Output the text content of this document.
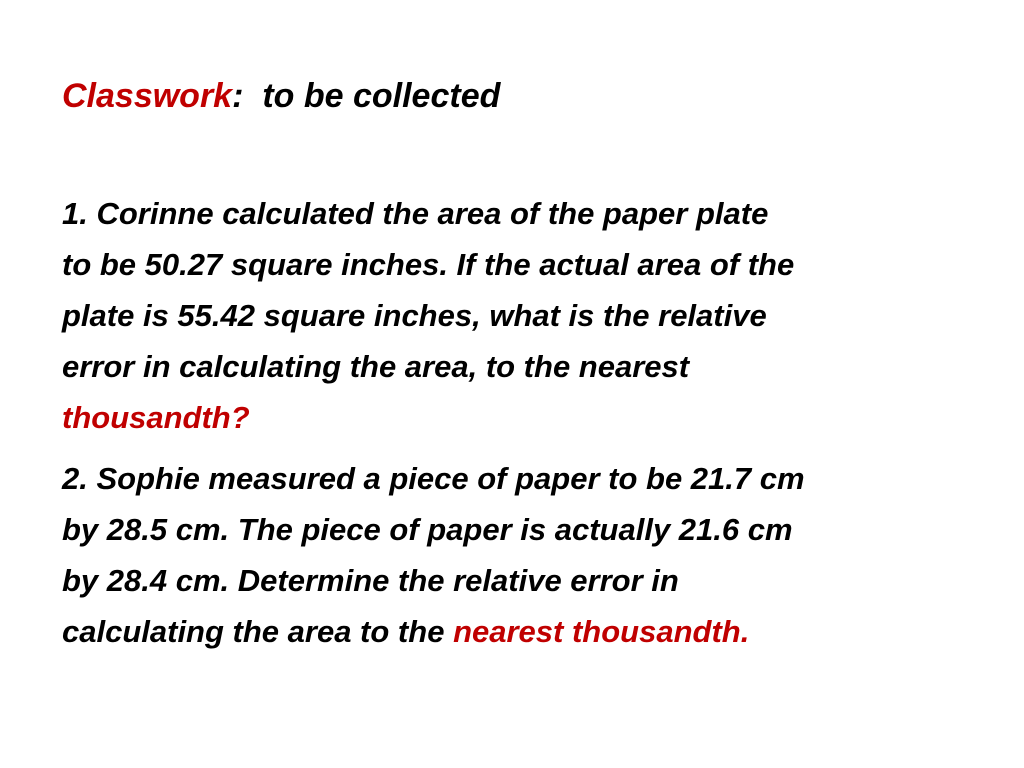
Classwork: to be collected

1. Corinne calculated the area of the paper plate
to be 50.27 square inches. If the actual area of the
plate is 55.42 square inches, what is the relative
error in calculating the area, to the nearest
thousandth?

2. Sophie measured a piece of paper to be 21.7 cm
by 28.5 cm. The piece of paper is actually 21.6 cm
by 28.4 cm. Determine the relative error in
calculating the area to the nearest thousandth.
